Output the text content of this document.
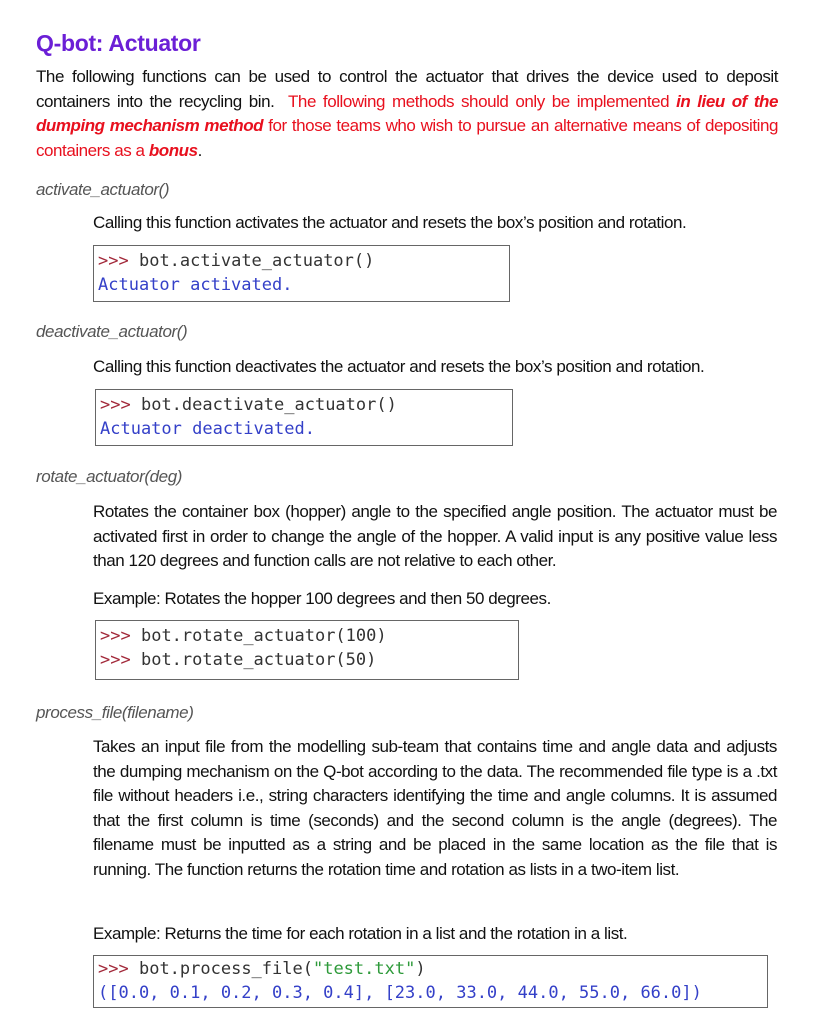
Q-bot: Actuator
The following functions can be used to control the actuator that drives the device used to deposit containers into the recycling bin. The following methods should only be implemented in lieu of the dumping mechanism method for those teams who wish to pursue an alternative means of depositing containers as a bonus.
activate_actuator()
Calling this function activates the actuator and resets the box’s position and rotation.
>>> bot.activate_actuator()
Actuator activated.
deactivate_actuator()
Calling this function deactivates the actuator and resets the box’s position and rotation.
>>> bot.deactivate_actuator()
Actuator deactivated.
rotate_actuator(deg)
Rotates the container box (hopper) angle to the specified angle position. The actuator must be activated first in order to change the angle of the hopper. A valid input is any positive value less than 120 degrees and function calls are not relative to each other.
Example: Rotates the hopper 100 degrees and then 50 degrees.
>>> bot.rotate_actuator(100)
>>> bot.rotate_actuator(50)
process_file(filename)
Takes an input file from the modelling sub-team that contains time and angle data and adjusts the dumping mechanism on the Q-bot according to the data. The recommended file type is a .txt file without headers i.e., string characters identifying the time and angle columns. It is assumed that the first column is time (seconds) and the second column is the angle (degrees). The filename must be inputted as a string and be placed in the same location as the file that is running. The function returns the rotation time and rotation as lists in a two-item list.
Example: Returns the time for each rotation in a list and the rotation in a list.
>>> bot.process_file("test.txt")
([0.0, 0.1, 0.2, 0.3, 0.4], [23.0, 33.0, 44.0, 55.0, 66.0])
